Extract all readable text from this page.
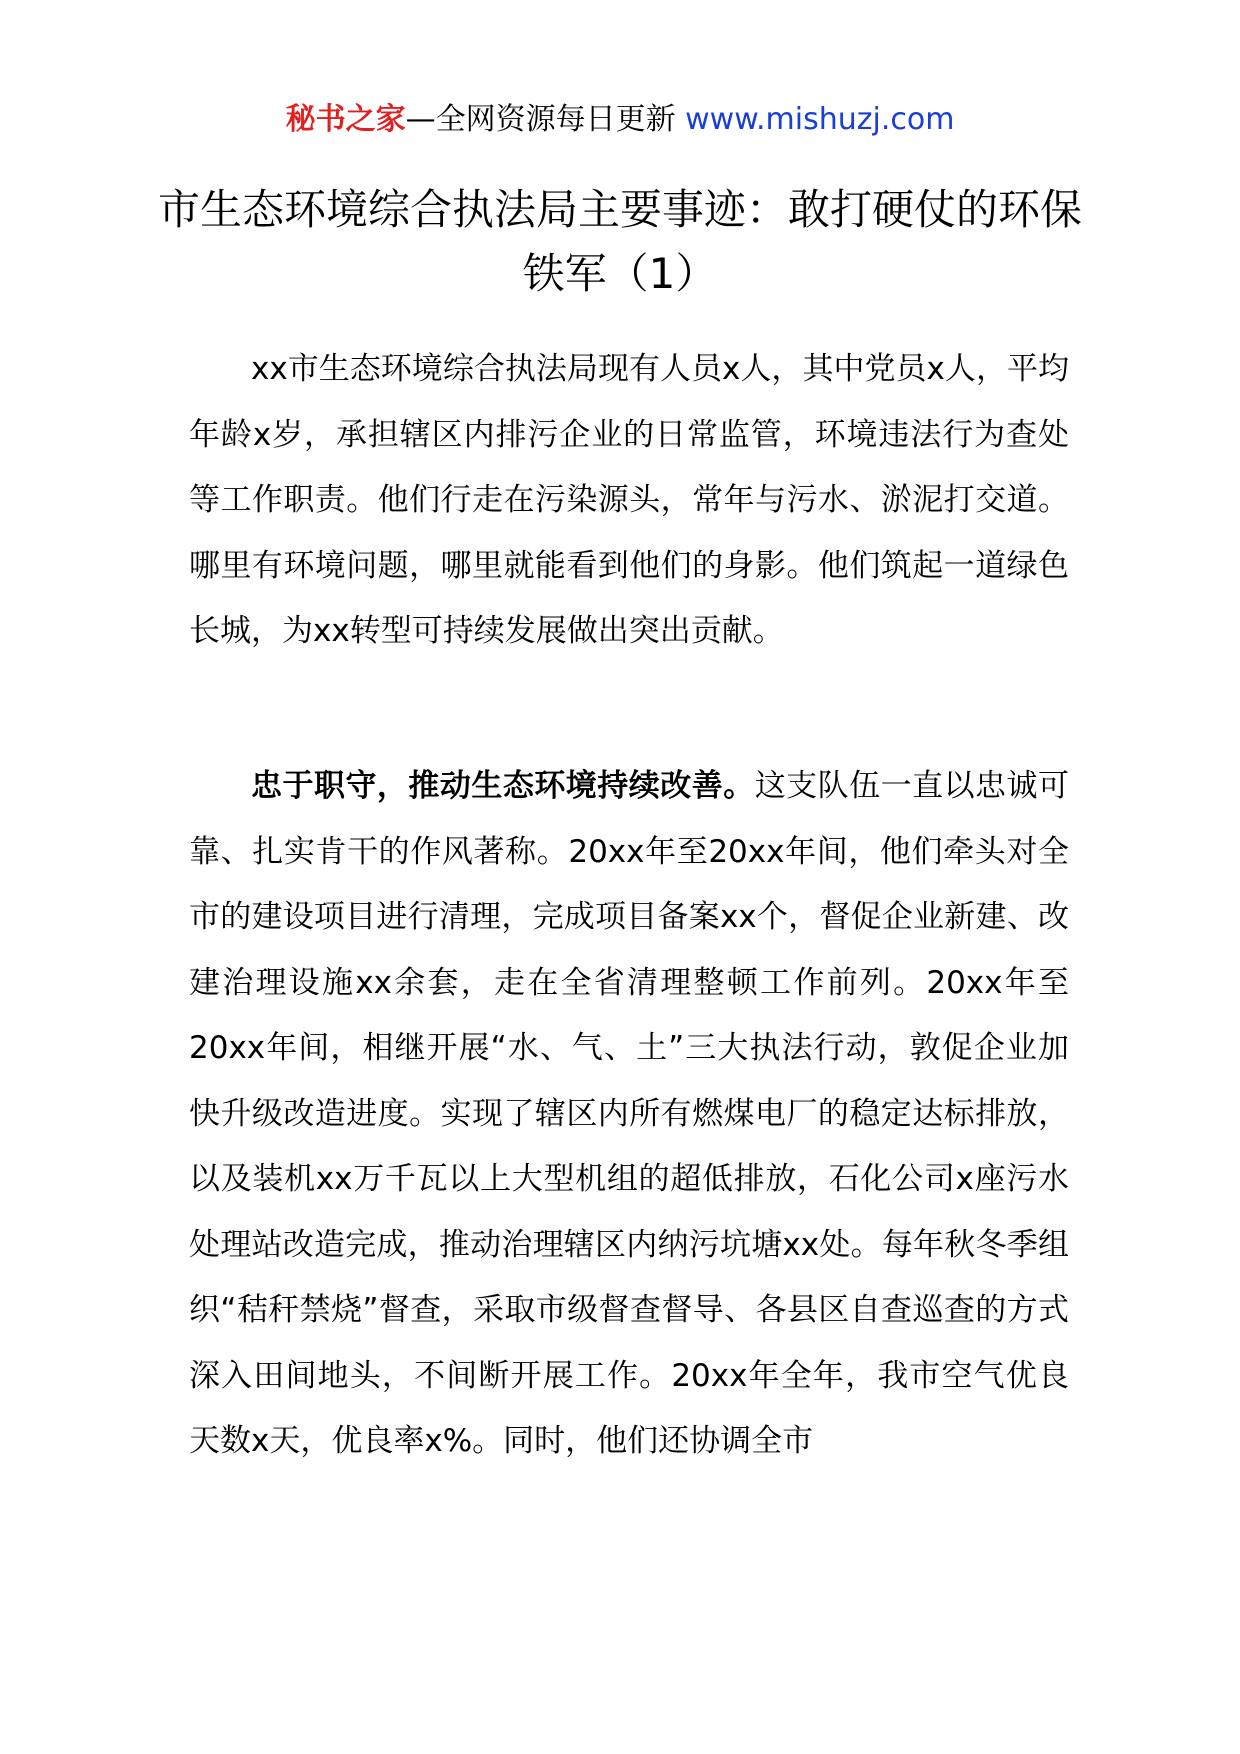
秘书之家—全网资源每日更新 www.mishuzj.com
市生态环境综合执法局主要事迹：敢打硬仗的环保铁军（1）

xx市生态环境综合执法局现有人员x人，其中党员x人，平均年龄x岁，承担辖区内排污企业的日常监管，环境违法行为查处等工作职责。他们行走在污染源头，常年与污水、淤泥打交道。哪里有环境问题，哪里就能看到他们的身影。他们筑起一道绿色长城，为xx转型可持续发展做出突出贡献。

忠于职守，推动生态环境持续改善。这支队伍一直以忠诚可靠、扎实肯干的作风著称。20xx年至20xx年间，他们牵头对全市的建设项目进行清理，完成项目备案xx个，督促企业新建、改建治理设施xx余套，走在全省清理整顿工作前列。20xx年至20xx年间，相继开展“水、气、土”三大执法行动，敦促企业加快升级改造进度。实现了辖区内所有燃煤电厂的稳定达标排放，以及装机xx万千瓦以上大型机组的超低排放，石化公司x座污水处理站改造完成，推动治理辖区内纳污坑塘xx处。每年秋冬季组织“秸秆禁烧”督查，采取市级督查督导、各县区自查巡查的方式深入田间地头，不间断开展工作。20xx年全年，我市空气优良天数x天，优良率x%。同时，他们还协调全市
